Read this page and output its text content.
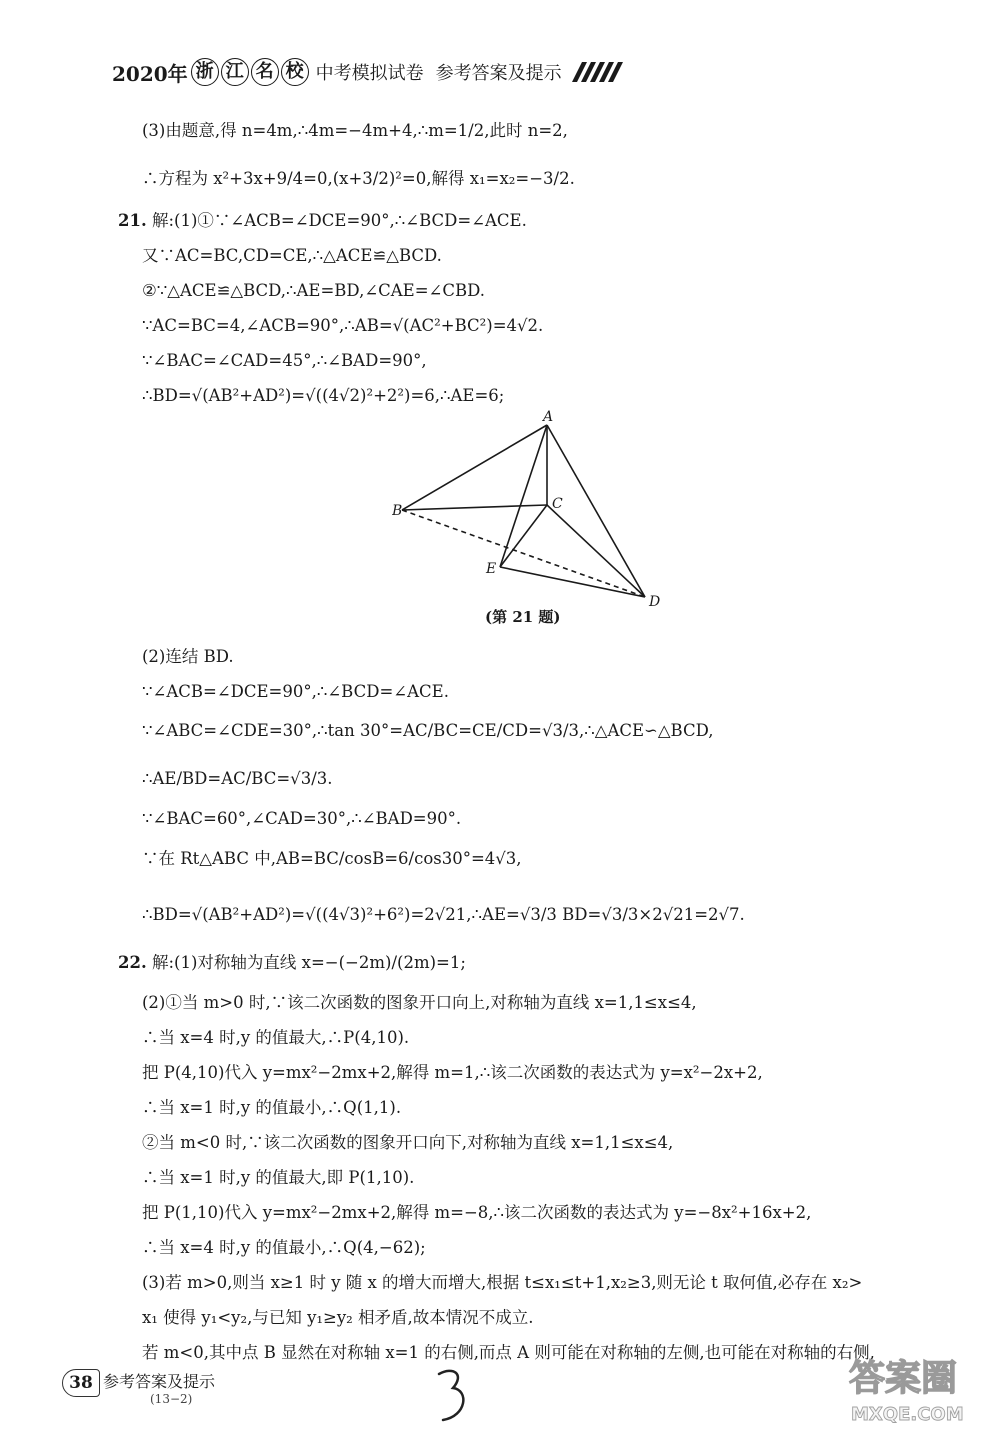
2020年 浙 江 名 校 中考模拟试卷 参考答案及提示
(3)由题意,得 n=4m,∴4m=−4m+4,∴m=1/2,此时 n=2,
∴方程为 x²+3x+9/4=0,(x+3/2)²=0,解得 x₁=x₂=−3/2.
21. 解:(1)①∵∠ACB=∠DCE=90°,∴∠BCD=∠ACE.
又∵AC=BC,CD=CE,∴△ACE≌△BCD.
②∵△ACE≌△BCD,∴AE=BD,∠CAE=∠CBD.
∵AC=BC=4,∠ACB=90°,∴AB=√(AC²+BC²)=4√2.
∵∠BAC=∠CAD=45°,∴∠BAD=90°,
∴BD=√(AB²+AD²)=√((4√2)²+2²)=6,∴AE=6;
(2)连结 BD.
∵∠ACB=∠DCE=90°,∴∠BCD=∠ACE.
∵∠ABC=∠CDE=30°,∴tan 30°=AC/BC=CE/CD=√3/3,∴△ACE∽△BCD,
∴AE/BD=AC/BC=√3/3.
∵∠BAC=60°,∠CAD=30°,∴∠BAD=90°.
∵在 Rt△ABC 中,AB=BC/cosB=6/cos30°=4√3,
∴BD=√(AB²+AD²)=√((4√3)²+6²)=2√21,∴AE=√3/3 BD=√3/3×2√21=2√7.
22. 解:(1)对称轴为直线 x=−(−2m)/(2m)=1;
(2)①当 m>0 时,∵该二次函数的图象开口向上,对称轴为直线 x=1,1≤x≤4,
∴当 x=4 时,y 的值最大,∴P(4,10).
把 P(4,10)代入 y=mx²−2mx+2,解得 m=1,∴该二次函数的表达式为 y=x²−2x+2,
∴当 x=1 时,y 的值最小,∴Q(1,1).
②当 m<0 时,∵该二次函数的图象开口向下,对称轴为直线 x=1,1≤x≤4,
∴当 x=1 时,y 的值最大,即 P(1,10).
把 P(1,10)代入 y=mx²−2mx+2,解得 m=−8,∴该二次函数的表达式为 y=−8x²+16x+2,
∴当 x=4 时,y 的值最小,∴Q(4,−62);
(3)若 m>0,则当 x≥1 时 y 随 x 的增大而增大,根据 t≤x₁≤t+1,x₂≥3,则无论 t 取何值,必存在 x₂>
x₁ 使得 y₁<y₂,与已知 y₁≥y₂ 相矛盾,故本情况不成立.
若 m<0,其中点 B 显然在对称轴 x=1 的右侧,而点 A 则可能在对称轴的左侧,也可能在对称轴的右侧,
A
B	C
D
E
(第 21 题)
38 参考答案及提示
(13−2)	答案圈
MXQE.COM
